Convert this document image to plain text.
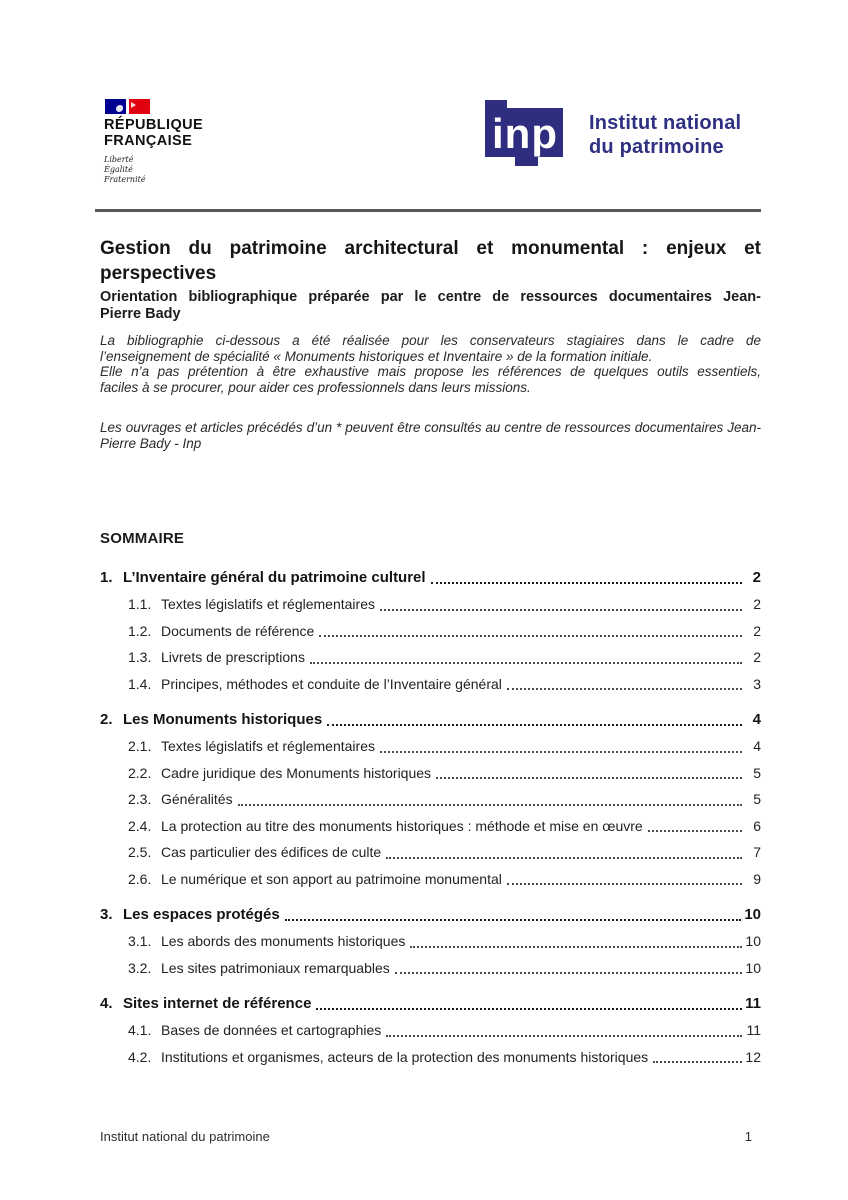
RÉPUBLIQUE
FRANÇAISE
Liberté
Égalité
Fraternité
inp Institut national
du patrimoine
Gestion du patrimoine architectural et monumental : enjeux et
perspectives
Orientation bibliographique préparée par le centre de ressources documentaires Jean-
Pierre Bady
La bibliographie ci-dessous a été réalisée pour les conservateurs stagiaires dans le cadre de
l’enseignement de spécialité « Monuments historiques et Inventaire » de la formation initiale.
Elle n’a pas prétention à être exhaustive mais propose les références de quelques outils essentiels,
faciles à se procurer, pour aider ces professionnels dans leurs missions.
Les ouvrages et articles précédés d’un * peuvent être consultés au centre de ressources documentaires Jean-
Pierre Bady - Inp
SOMMAIRE
1. L’Inventaire général du patrimoine culturel	2
1.1. Textes législatifs et réglementaires	2
1.2. Documents de référence	2
1.3. Livrets de prescriptions	2
1.4. Principes, méthodes et conduite de l’Inventaire général	3
2. Les Monuments historiques	4
2.1. Textes législatifs et réglementaires	4
2.2. Cadre juridique des Monuments historiques	5
2.3. Généralités	5
2.4. La protection au titre des monuments historiques : méthode et mise en œuvre	6
2.5. Cas particulier des édifices de culte	7
2.6. Le numérique et son apport au patrimoine monumental	9
3. Les espaces protégés	10
3.1. Les abords des monuments historiques	10
3.2. Les sites patrimoniaux remarquables	10
4. Sites internet de référence	11
4.1. Bases de données et cartographies	11
4.2. Institutions et organismes, acteurs de la protection des monuments historiques	12
Institut national du patrimoine	1
